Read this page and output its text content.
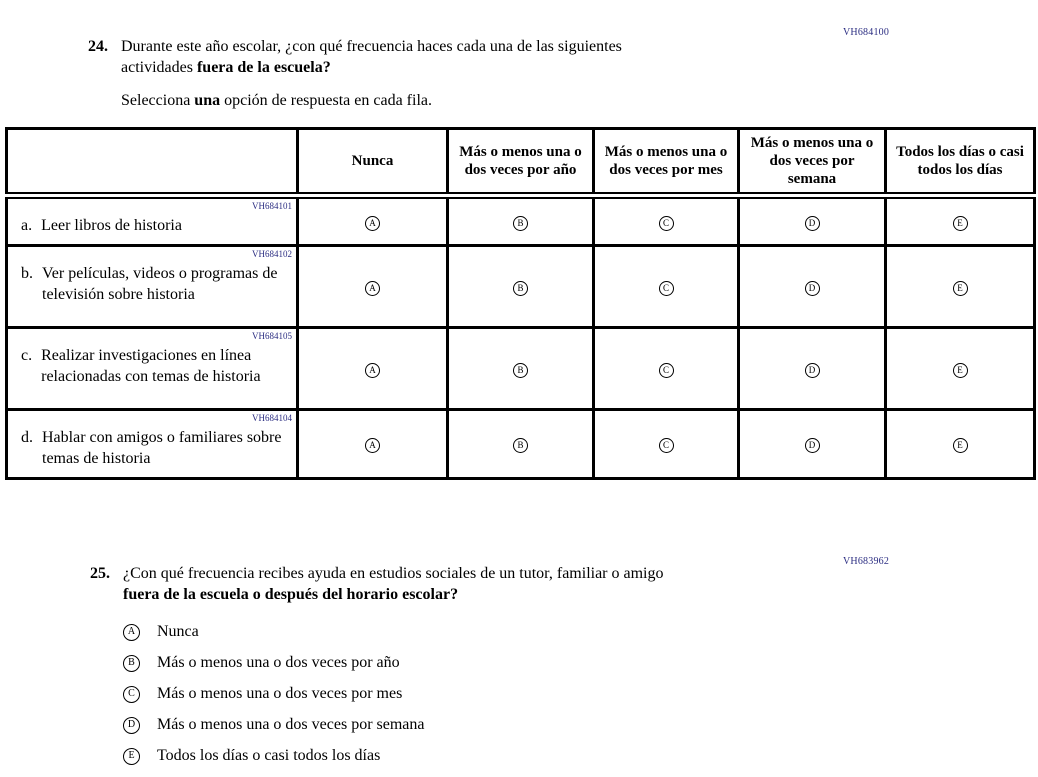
VH684100
24. Durante este año escolar, ¿con qué frecuencia haces cada una de las siguientes
actividades fuera de la escuela?
Selecciona una opción de respuesta en cada fila.
	Nunca	Más o menos una o dos veces por año	Más o menos una o dos veces por mes	Más o menos una o dos veces por semana	Todos los días o casi todos los días

VH684101
a. Leer libros de historia	A	B	C	D	E

VH684102
b. Ver películas, videos o programas de televisión sobre historia	A	B	C	D	E

VH684105
c. Realizar investigaciones en línea relacionadas con temas de historia	A	B	C	D	E

VH684104
d. Hablar con amigos o familiares sobre temas de historia	A	B	C	D	E
VH683962
25. ¿Con qué frecuencia recibes ayuda en estudios sociales de un tutor, familiar o amigo
fuera de la escuela o después del horario escolar?
A	Nunca
B	Más o menos una o dos veces por año
C	Más o menos una o dos veces por mes
D	Más o menos una o dos veces por semana
E	Todos los días o casi todos los días
